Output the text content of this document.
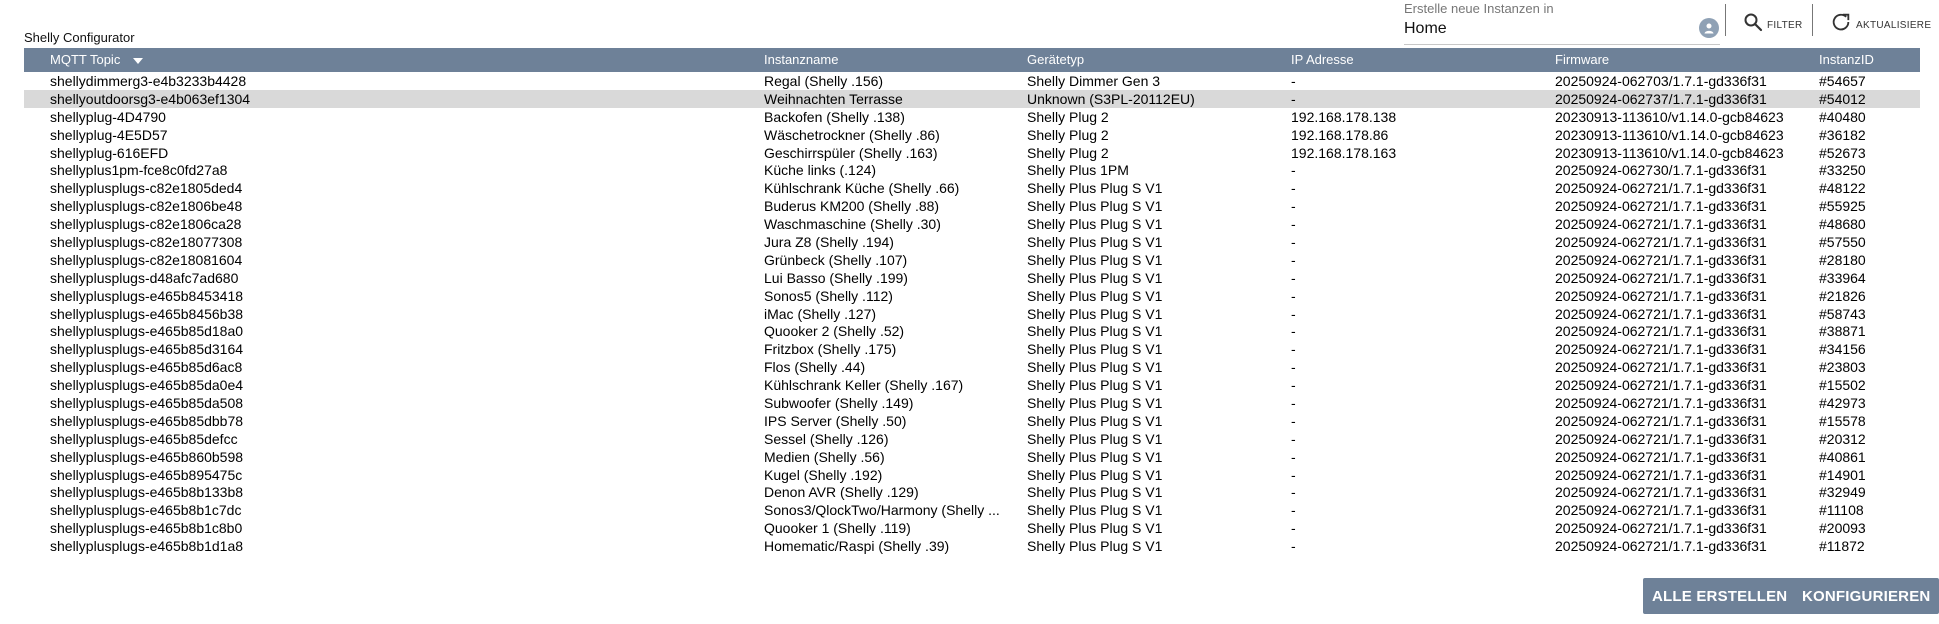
Shelly Configurator
Erstelle neue Instanzen in
Home	FILTER	AKTUALISIERE
MQTT Topic	Instanzname	Gerätetyp	IP Adresse	Firmware	InstanzID
shellydimmerg3-e4b3233b4428	Regal (Shelly .156)	Shelly Dimmer Gen 3	-	20250924-062703/1.7.1-gd336f31	#54657
shellyoutdoorsg3-e4b063ef1304	Weihnachten Terrasse	Unknown (S3PL-20112EU)	-	20250924-062737/1.7.1-gd336f31	#54012
shellyplug-4D4790	Backofen (Shelly .138)	Shelly Plug 2	192.168.178.138	20230913-113610/v1.14.0-gcb84623	#40480
shellyplug-4E5D57	Wäschetrockner (Shelly .86)	Shelly Plug 2	192.168.178.86	20230913-113610/v1.14.0-gcb84623	#36182
shellyplug-616EFD	Geschirrspüler (Shelly .163)	Shelly Plug 2	192.168.178.163	20230913-113610/v1.14.0-gcb84623	#52673
shellyplus1pm-fce8c0fd27a8	Küche links (.124)	Shelly Plus 1PM	-	20250924-062730/1.7.1-gd336f31	#33250
shellyplusplugs-c82e1805ded4	Kühlschrank Küche (Shelly .66)	Shelly Plus Plug S V1	-	20250924-062721/1.7.1-gd336f31	#48122
shellyplusplugs-c82e1806be48	Buderus KM200 (Shelly .88)	Shelly Plus Plug S V1	-	20250924-062721/1.7.1-gd336f31	#55925
shellyplusplugs-c82e1806ca28	Waschmaschine (Shelly .30)	Shelly Plus Plug S V1	-	20250924-062721/1.7.1-gd336f31	#48680
shellyplusplugs-c82e18077308	Jura Z8 (Shelly .194)	Shelly Plus Plug S V1	-	20250924-062721/1.7.1-gd336f31	#57550
shellyplusplugs-c82e18081604	Grünbeck (Shelly .107)	Shelly Plus Plug S V1	-	20250924-062721/1.7.1-gd336f31	#28180
shellyplusplugs-d48afc7ad680	Lui Basso (Shelly .199)	Shelly Plus Plug S V1	-	20250924-062721/1.7.1-gd336f31	#33964
shellyplusplugs-e465b8453418	Sonos5 (Shelly .112)	Shelly Plus Plug S V1	-	20250924-062721/1.7.1-gd336f31	#21826
shellyplusplugs-e465b8456b38	iMac (Shelly .127)	Shelly Plus Plug S V1	-	20250924-062721/1.7.1-gd336f31	#58743
shellyplusplugs-e465b85d18a0	Quooker 2 (Shelly .52)	Shelly Plus Plug S V1	-	20250924-062721/1.7.1-gd336f31	#38871
shellyplusplugs-e465b85d3164	Fritzbox (Shelly .175)	Shelly Plus Plug S V1	-	20250924-062721/1.7.1-gd336f31	#34156
shellyplusplugs-e465b85d6ac8	Flos (Shelly .44)	Shelly Plus Plug S V1	-	20250924-062721/1.7.1-gd336f31	#23803
shellyplusplugs-e465b85da0e4	Kühlschrank Keller (Shelly .167)	Shelly Plus Plug S V1	-	20250924-062721/1.7.1-gd336f31	#15502
shellyplusplugs-e465b85da508	Subwoofer (Shelly .149)	Shelly Plus Plug S V1	-	20250924-062721/1.7.1-gd336f31	#42973
shellyplusplugs-e465b85dbb78	IPS Server (Shelly .50)	Shelly Plus Plug S V1	-	20250924-062721/1.7.1-gd336f31	#15578
shellyplusplugs-e465b85defcc	Sessel (Shelly .126)	Shelly Plus Plug S V1	-	20250924-062721/1.7.1-gd336f31	#20312
shellyplusplugs-e465b860b598	Medien (Shelly .56)	Shelly Plus Plug S V1	-	20250924-062721/1.7.1-gd336f31	#40861
shellyplusplugs-e465b895475c	Kugel (Shelly .192)	Shelly Plus Plug S V1	-	20250924-062721/1.7.1-gd336f31	#14901
shellyplusplugs-e465b8b133b8	Denon AVR (Shelly .129)	Shelly Plus Plug S V1	-	20250924-062721/1.7.1-gd336f31	#32949
shellyplusplugs-e465b8b1c7dc	Sonos3/QlockTwo/Harmony (Shelly ...	Shelly Plus Plug S V1	-	20250924-062721/1.7.1-gd336f31	#11108
shellyplusplugs-e465b8b1c8b0	Quooker 1 (Shelly .119)	Shelly Plus Plug S V1	-	20250924-062721/1.7.1-gd336f31	#20093
shellyplusplugs-e465b8b1d1a8	Homematic/Raspi (Shelly .39)	Shelly Plus Plug S V1	-	20250924-062721/1.7.1-gd336f31	#11872
ALLE ERSTELLEN KONFIGURIEREN
